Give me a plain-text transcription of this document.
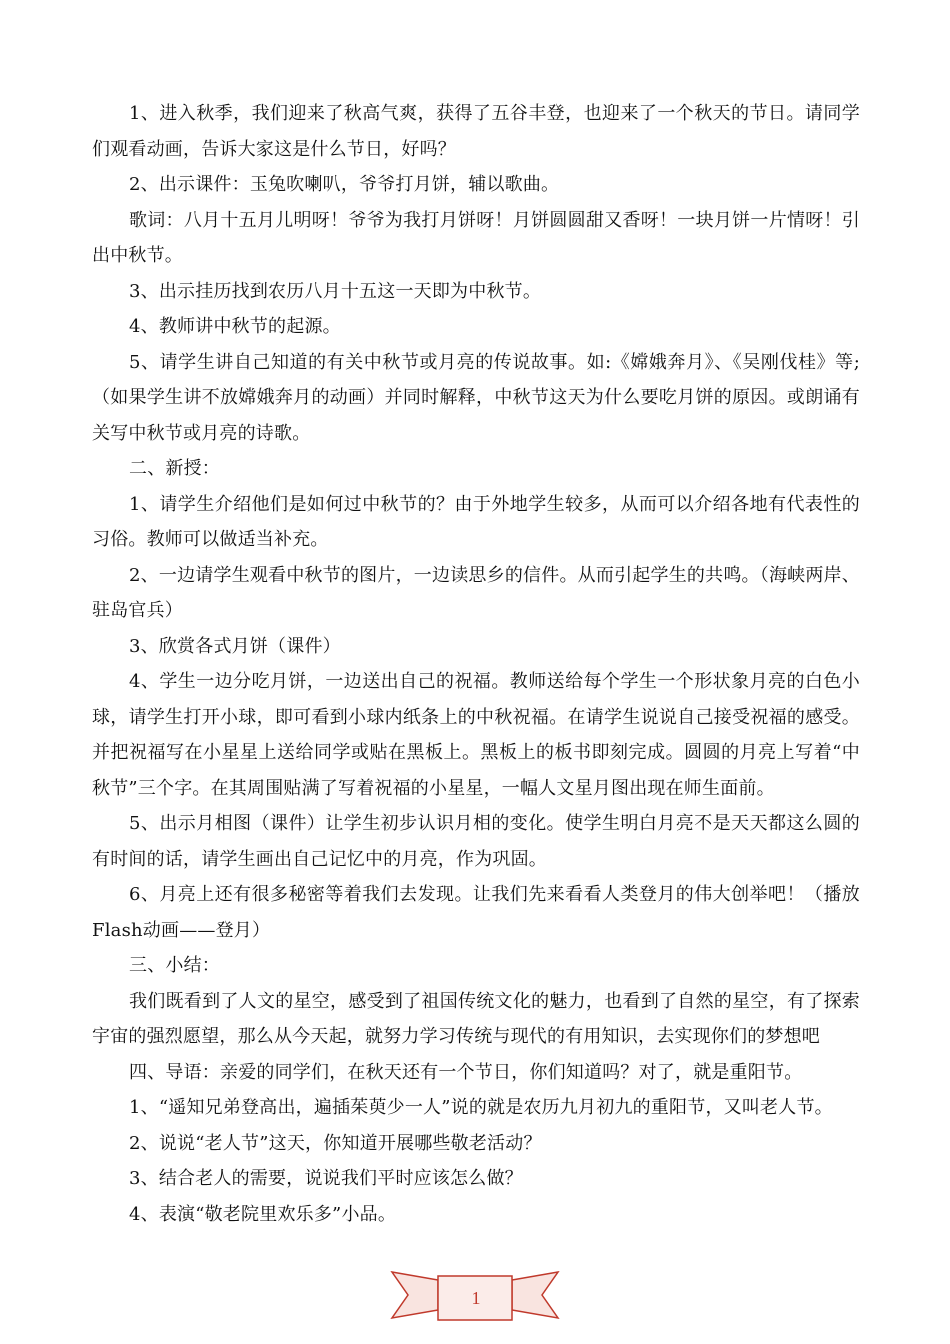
1、进入秋季，我们迎来了秋高气爽，获得了五谷丰登，也迎来了一个秋天的节日。请同学们观看动画，告诉大家这是什么节日，好吗？

2、出示课件：玉兔吹喇叭，爷爷打月饼，辅以歌曲。

歌词：八月十五月儿明呀！爷爷为我打月饼呀！月饼圆圆甜又香呀！一块月饼一片情呀！引出中秋节。

3、出示挂历找到农历八月十五这一天即为中秋节。

4、教师讲中秋节的起源。

5、请学生讲自己知道的有关中秋节或月亮的传说故事。如:《嫦娥奔月》、《吴刚伐桂》等;（如果学生讲不放嫦娥奔月的动画）并同时解释，中秋节这天为什么要吃月饼的原因。或朗诵有关写中秋节或月亮的诗歌。

二、新授：

1、请学生介绍他们是如何过中秋节的？由于外地学生较多，从而可以介绍各地有代表性的习俗。教师可以做适当补充。

2、一边请学生观看中秋节的图片，一边读思乡的信件。从而引起学生的共鸣。（海峡两岸、驻岛官兵）

3、欣赏各式月饼（课件）

4、学生一边分吃月饼，一边送出自己的祝福。教师送给每个学生一个形状象月亮的白色小球，请学生打开小球，即可看到小球内纸条上的中秋祝福。在请学生说说自己接受祝福的感受。并把祝福写在小星星上送给同学或贴在黑板上。黑板上的板书即刻完成。圆圆的月亮上写着“中秋节”三个字。在其周围贴满了写着祝福的小星星，一幅人文星月图出现在师生面前。

5、出示月相图（课件）让学生初步认识月相的变化。使学生明白月亮不是天天都这么圆的有时间的话，请学生画出自己记忆中的月亮，作为巩固。

6、月亮上还有很多秘密等着我们去发现。让我们先来看看人类登月的伟大创举吧！（播放Flash动画——登月）

三、小结：

我们既看到了人文的星空，感受到了祖国传统文化的魅力，也看到了自然的星空，有了探索宇宙的强烈愿望，那么从今天起，就努力学习传统与现代的有用知识，去实现你们的梦想吧

四、导语：亲爱的同学们，在秋天还有一个节日，你们知道吗？对了，就是重阳节。

1、“遥知兄弟登高出，遍插茱萸少一人”说的就是农历九月初九的重阳节，又叫老人节。

2、说说“老人节”这天，你知道开展哪些敬老活动？

3、结合老人的需要，说说我们平时应该怎么做？

4、表演“敬老院里欢乐多”小品。

1
